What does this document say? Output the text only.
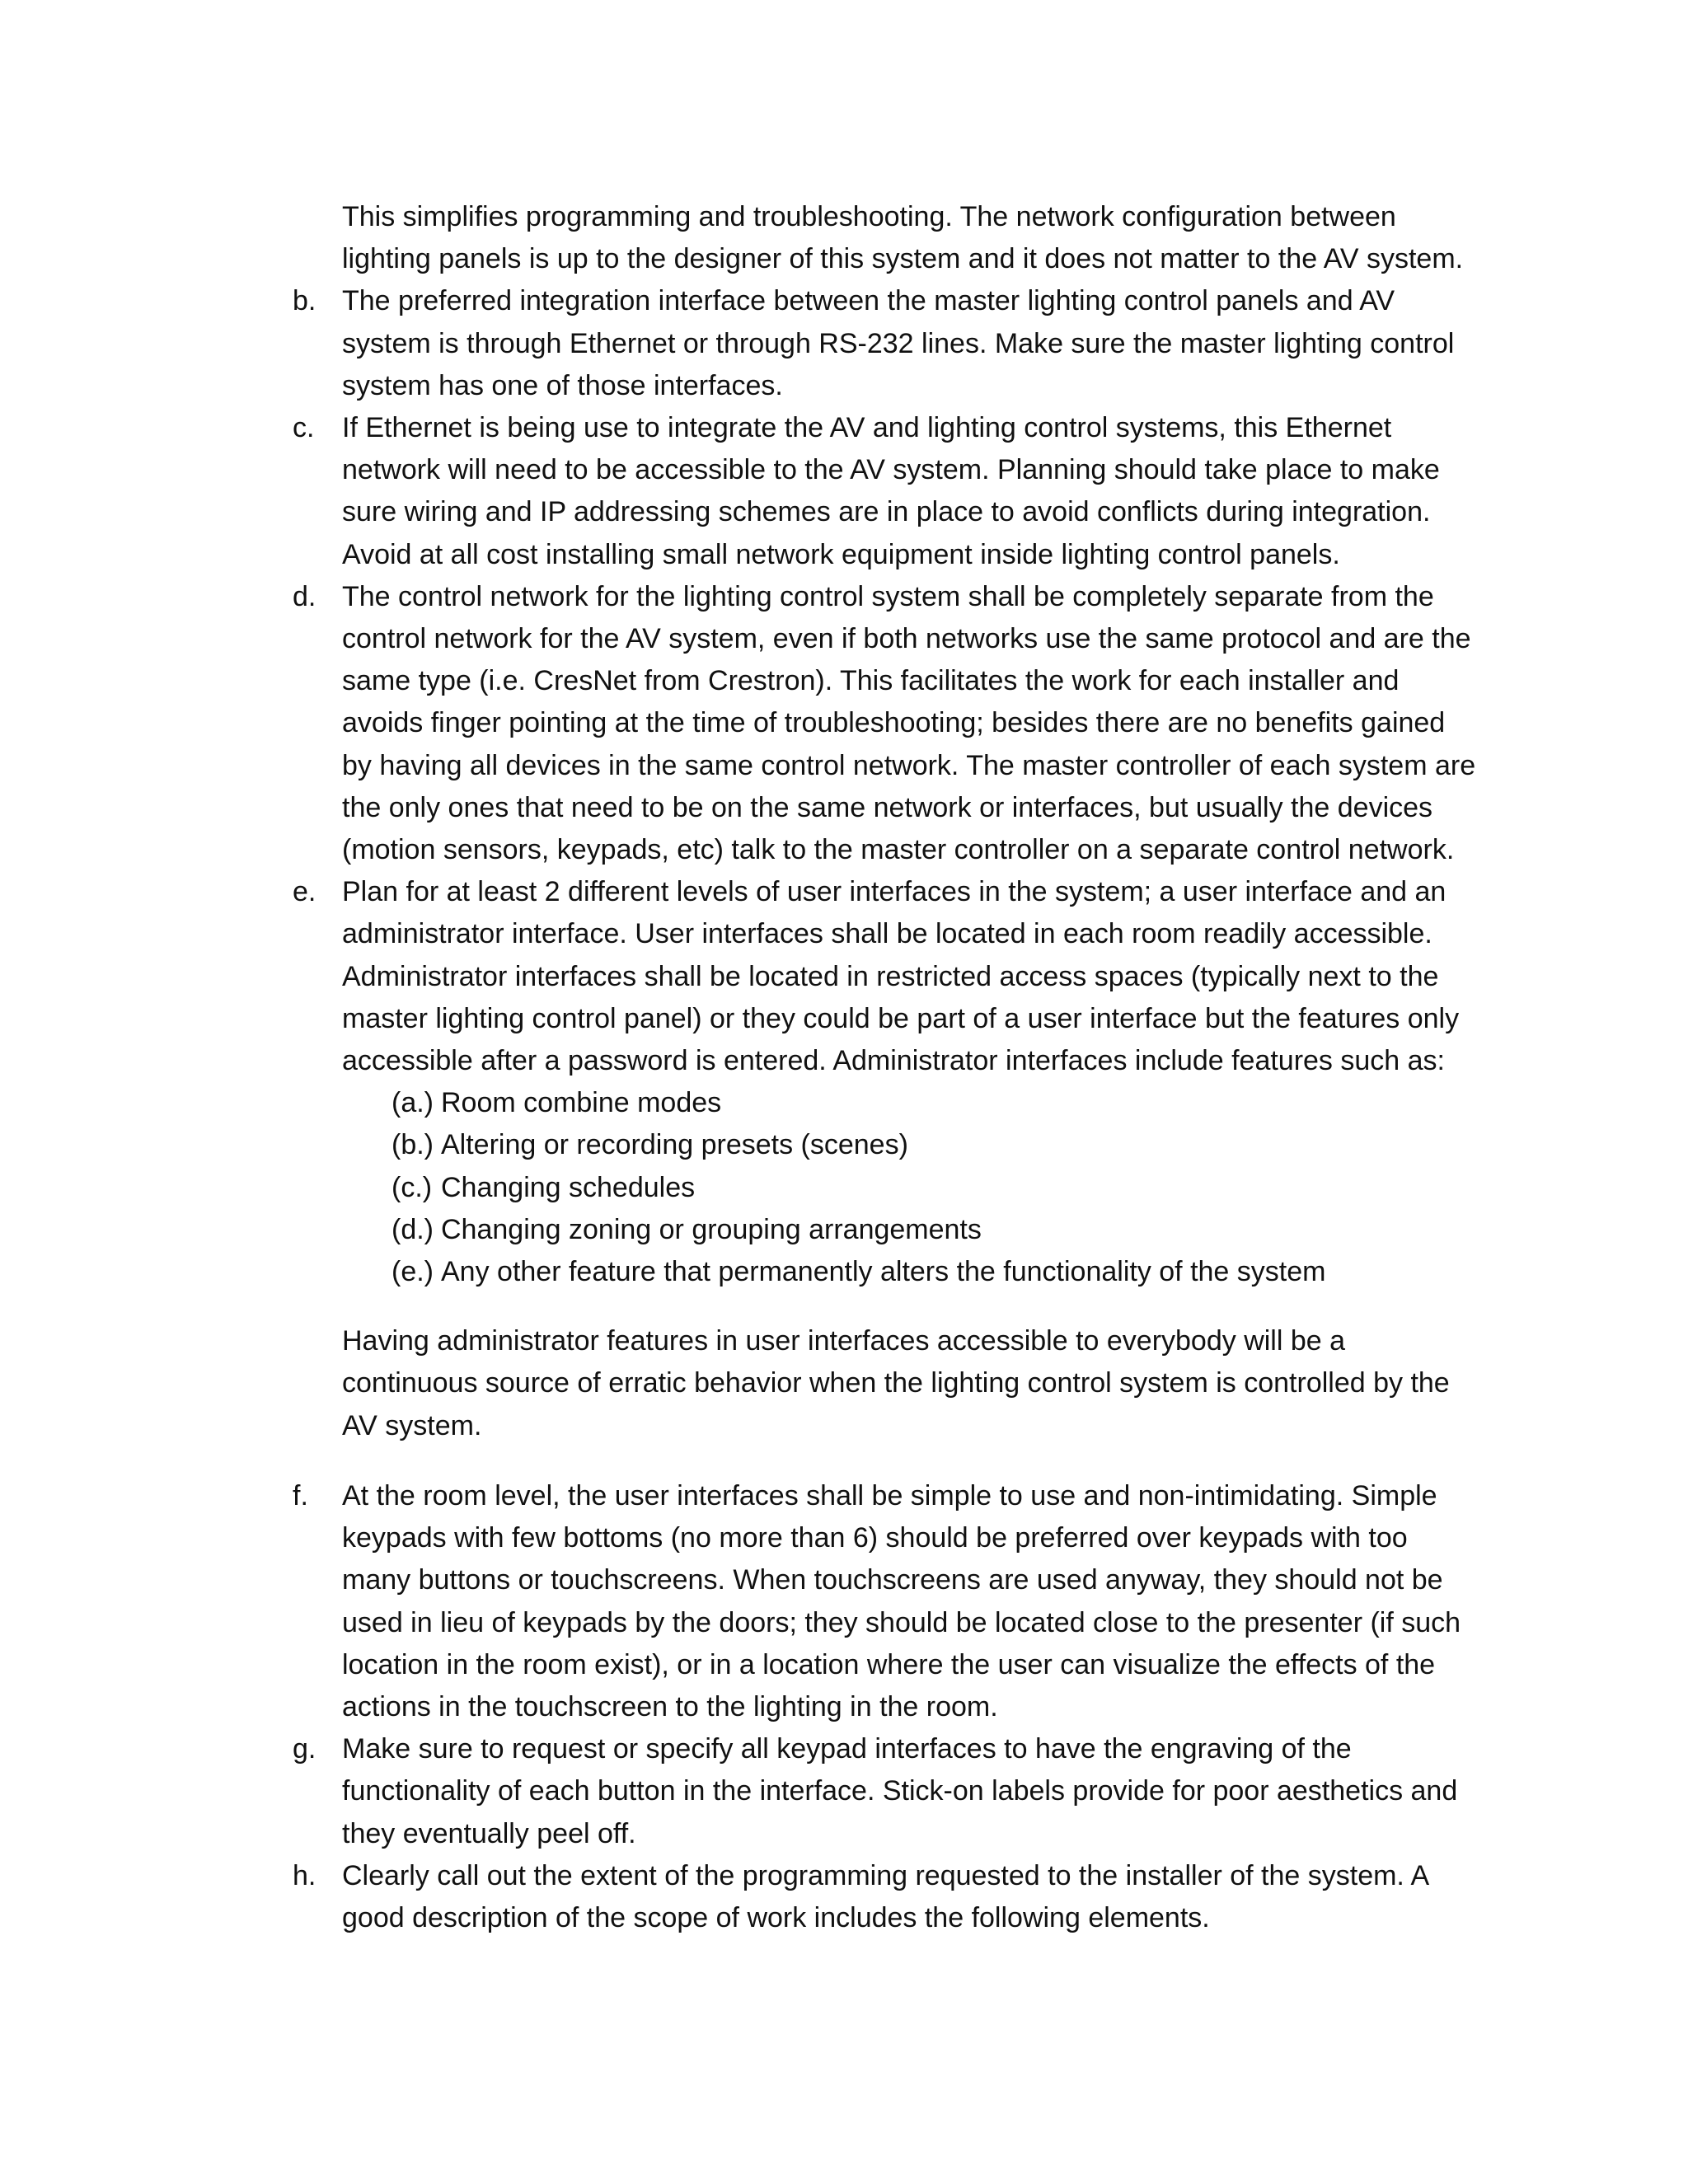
This simplifies programming and troubleshooting. The network configuration between lighting panels is up to the designer of this system and it does not matter to the AV system.

b. The preferred integration interface between the master lighting control panels and AV system is through Ethernet or through RS-232 lines. Make sure the master lighting control system has one of those interfaces.
c. If Ethernet is being use to integrate the AV and lighting control systems, this Ethernet network will need to be accessible to the AV system. Planning should take place to make sure wiring and IP addressing schemes are in place to avoid conflicts during integration. Avoid at all cost installing small network equipment inside lighting control panels.
d. The control network for the lighting control system shall be completely separate from the control network for the AV system, even if both networks use the same protocol and are the same type (i.e. CresNet from Crestron). This facilitates the work for each installer and avoids finger pointing at the time of troubleshooting; besides there are no benefits gained by having all devices in the same control network. The master controller of each system are the only ones that need to be on the same network or interfaces, but usually the devices (motion sensors, keypads, etc) talk to the master controller on a separate control network.
e. Plan for at least 2 different levels of user interfaces in the system; a user interface and an administrator interface. User interfaces shall be located in each room readily accessible. Administrator interfaces shall be located in restricted access spaces (typically next to the master lighting control panel) or they could be part of a user interface but the features only accessible after a password is entered. Administrator interfaces include features such as:
(a.) Room combine modes
(b.) Altering or recording presets (scenes)
(c.) Changing schedules
(d.) Changing zoning or grouping arrangements
(e.) Any other feature that permanently alters the functionality of the system

Having administrator features in user interfaces accessible to everybody will be a continuous source of erratic behavior when the lighting control system is controlled by the AV system.

f.	At the room level, the user interfaces shall be simple to use and non-intimidating. Simple keypads with few bottoms (no more than 6) should be preferred over keypads with too many buttons or touchscreens. When touchscreens are used anyway, they should not be used in lieu of keypads by the doors; they should be located close to the presenter (if such location in the room exist), or in a location where the user can visualize the effects of the actions in the touchscreen to the lighting in the room.
g. Make sure to request or specify all keypad interfaces to have the engraving of the functionality of each button in the interface. Stick-on labels provide for poor aesthetics and they eventually peel off.
h. Clearly call out the extent of the programming requested to the installer of the system. A good description of the scope of work includes the following elements.
